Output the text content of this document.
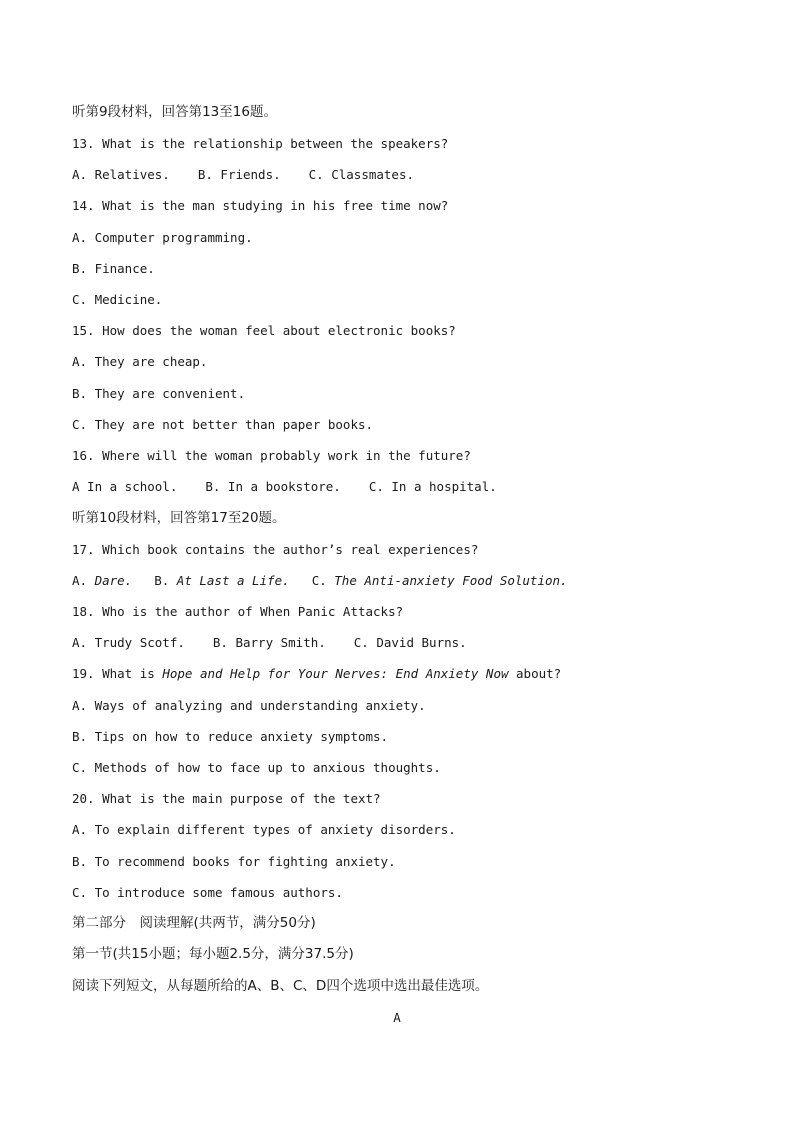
听第9段材料，回答第13至16题。
13. What is the relationship between the speakers?
A. Relatives. B. Friends. C. Classmates.
14. What is the man studying in his free time now?
A. Computer programming.
B. Finance.
C. Medicine.
15. How does the woman feel about electronic books?
A. They are cheap.
B. They are convenient.
C. They are not better than paper books.
16. Where will the woman probably work in the future?
A In a school. B. In a bookstore. C. In a hospital.
听第10段材料，回答第17至20题。
17. Which book contains the author’s real experiences?
A. Dare. B. At Last a Life. C. The Anti-anxiety Food Solution.
18. Who is the author of When Panic Attacks?
A. Trudy Scotf. B. Barry Smith. C. David Burns.
19. What is Hope and Help for Your Nerves: End Anxiety Now about?
A. Ways of analyzing and understanding anxiety.
B. Tips on how to reduce anxiety symptoms.
C. Methods of how to face up to anxious thoughts.
20. What is the main purpose of the text?
A. To explain different types of anxiety disorders.
B. To recommend books for fighting anxiety.
C. To introduce some famous authors.
第二部分　阅读理解(共两节，满分50分)
第一节(共15小题；每小题2.5分，满分37.5分)
阅读下列短文，从每题所给的A、B、C、D四个选项中选出最佳选项。
A
